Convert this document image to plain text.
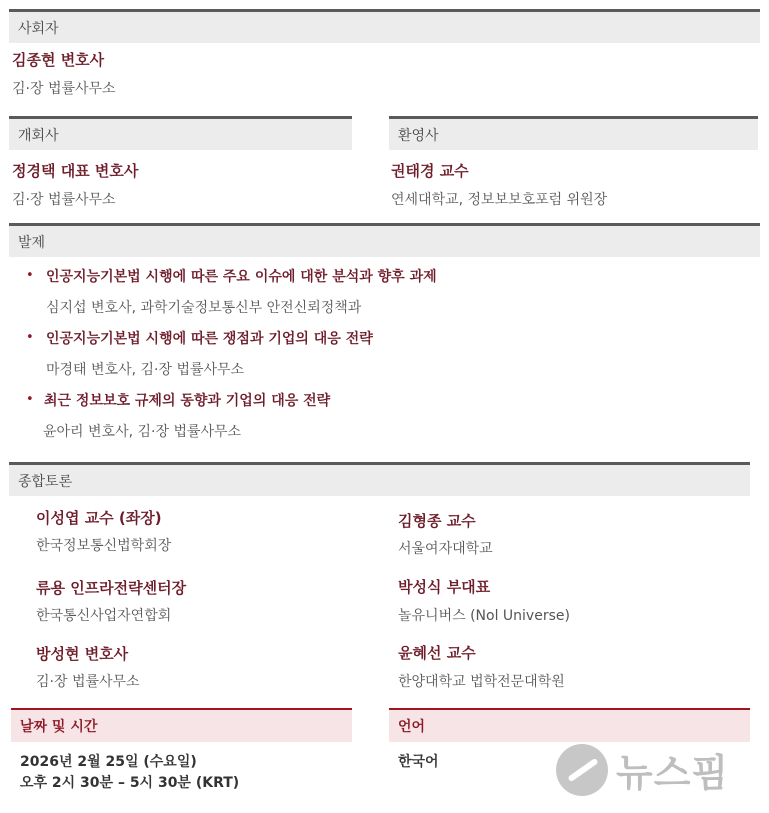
사회자
김종현 변호사
김·장 법률사무소
개회사
정경택 대표 변호사
김·장 법률사무소
환영사
권태경 교수
연세대학교, 정보보보호포럼 위원장
발제
• 인공지능기본법 시행에 따른 주요 이슈에 대한 분석과 향후 과제
심지섭 변호사, 과학기술정보통신부 안전신뢰정책과
• 인공지능기본법 시행에 따른 쟁점과 기업의 대응 전략
마경태 변호사, 김·장 법률사무소
• 최근 정보보호 규제의 동향과 기업의 대응 전략
윤아리 변호사, 김·장 법률사무소
종합토론
이성엽 교수 (좌장)
한국정보통신법학회장
류용 인프라전략센터장
한국통신사업자연합회
방성현 변호사
김·장 법률사무소
김형종 교수
서울여자대학교
박성식 부대표
놀유니버스 (Nol Universe)
윤혜선 교수
한양대학교 법학전문대학원
날짜 및 시간
2026년 2월 25일 (수요일)
오후 2시 30분 – 5시 30분 (KRT)
언어
한국어	뉴스핌
